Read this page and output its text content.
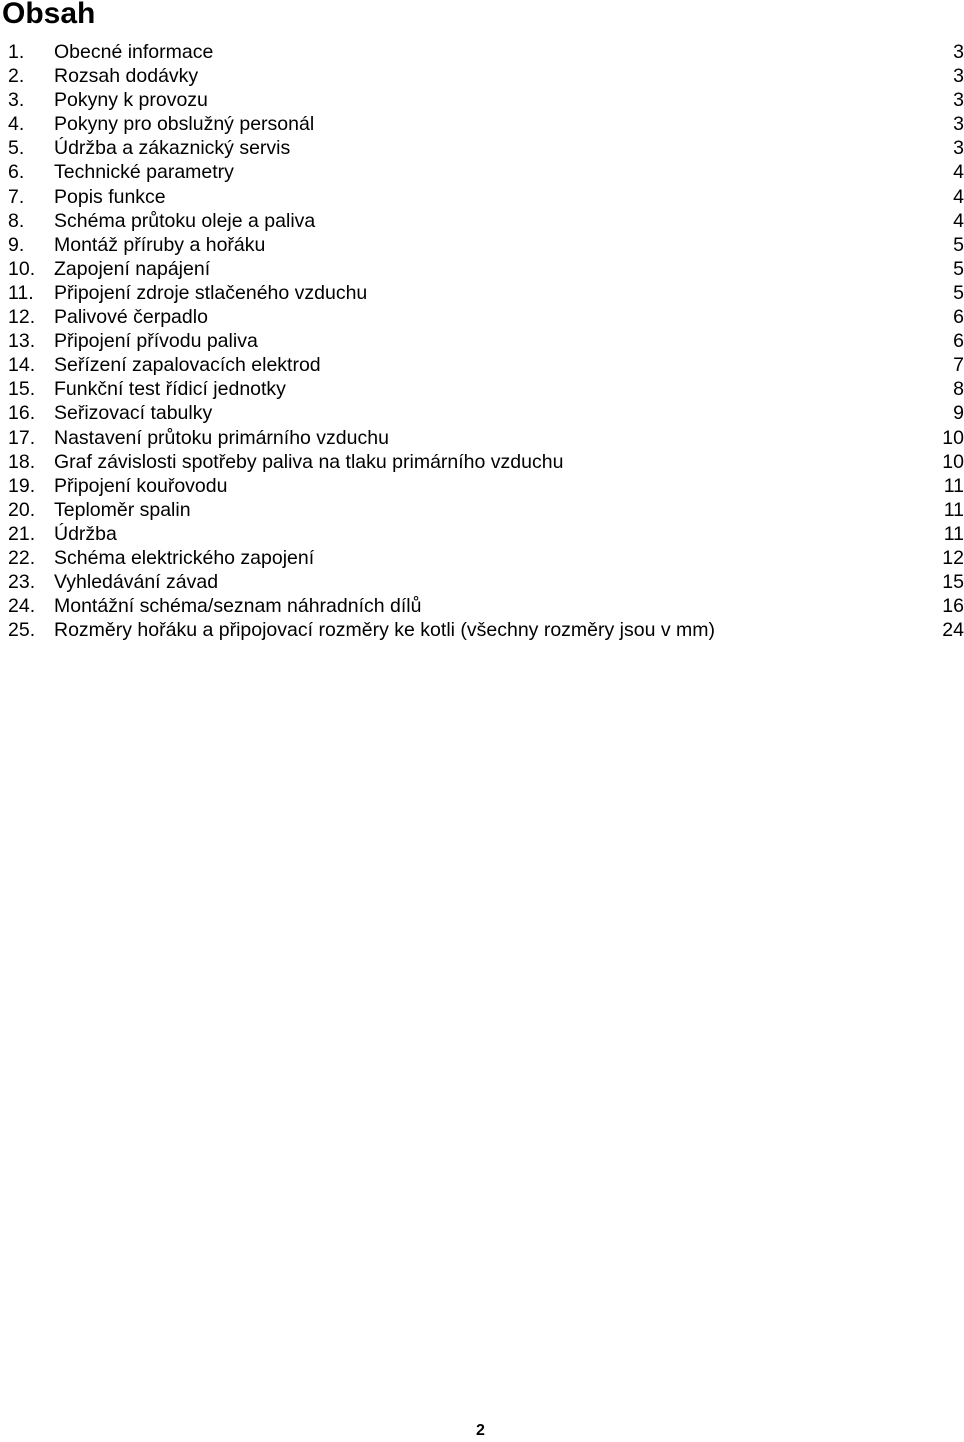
Obsah
1. Obecné informace	3
2. Rozsah dodávky	3
3. Pokyny k provozu	3
4. Pokyny pro obslužný personál	3
5. Údržba a zákaznický servis	3
6. Technické parametry	4
7. Popis funkce	4
8. Schéma průtoku oleje a paliva	4
9. Montáž příruby a hořáku	5
10. Zapojení napájení	5
11. Připojení zdroje stlačeného vzduchu	5
12. Palivové čerpadlo	6
13. Připojení přívodu paliva	6
14. Seřízení zapalovacích elektrod	7
15. Funkční test řídicí jednotky	8
16. Seřizovací tabulky	9
17. Nastavení průtoku primárního vzduchu	10
18. Graf závislosti spotřeby paliva na tlaku primárního vzduchu	10
19. Připojení kouřovodu	11
20. Teploměr spalin	11
21. Údržba	11
22. Schéma elektrického zapojení	12
23. Vyhledávání závad	15
24. Montážní schéma/seznam náhradních dílů	16
25. Rozměry hořáku a připojovací rozměry ke kotli (všechny rozměry jsou v mm)	24
2
